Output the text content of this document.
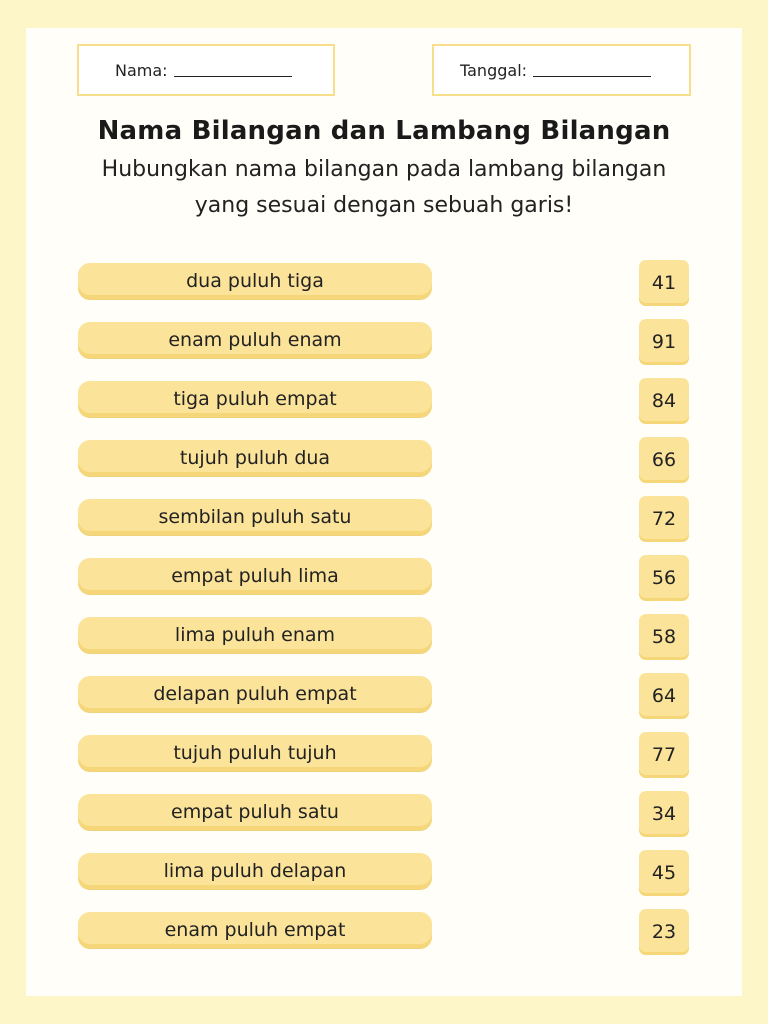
Nama:	Tanggal:
Nama Bilangan dan Lambang Bilangan
Hubungkan nama bilangan pada lambang bilangan
yang sesuai dengan sebuah garis!
dua puluh tiga	41
enam puluh enam	91
tiga puluh empat	84
tujuh puluh dua	66
sembilan puluh satu	72
empat puluh lima	56
lima puluh enam	58
delapan puluh empat	64
tujuh puluh tujuh	77
empat puluh satu	34
lima puluh delapan	45
enam puluh empat	23
